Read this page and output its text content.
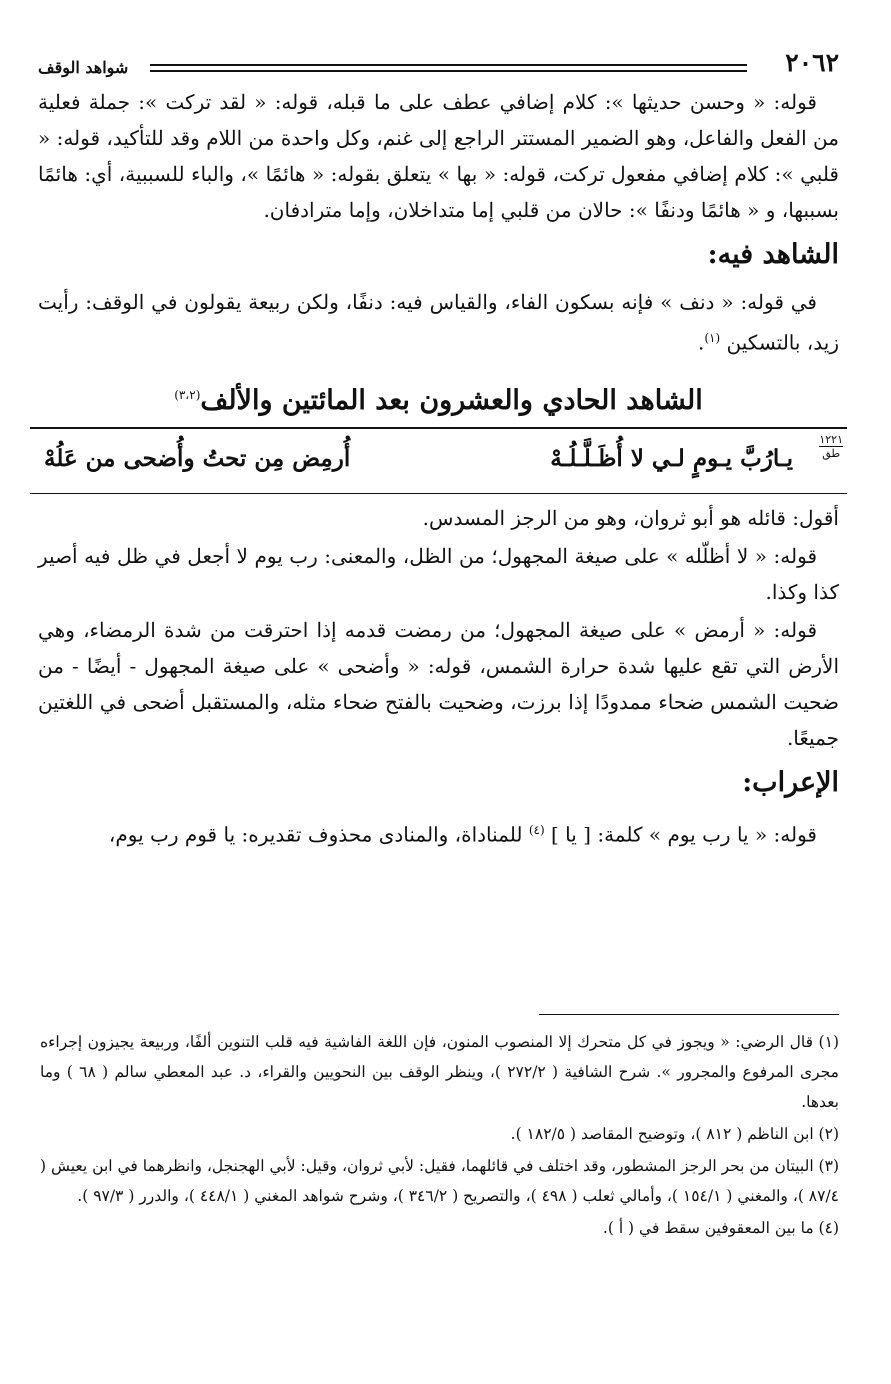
٢٠٦٢
شواهد الوقف

قوله: « وحسن حديثها »: كلام إضافي عطف على ما قبله، قوله: « لقد تركت »: جملة فعلية من الفعل والفاعل، وهو الضمير المستتر الراجع إلى غنم، وكل واحدة من اللام وقد للتأكيد، قوله: « قلبي »: كلام إضافي مفعول تركت، قوله: « بها » يتعلق بقوله: « هائمًا »، والباء للسببية، أي: هائمًا بسببها، و « هائمًا ودنفًا »: حالان من قلبي إما متداخلان، وإما مترادفان.

الشاهد فيه:

في قوله: « دنف » فإنه بسكون الفاء، والقياس فيه: دنفًا، ولكن ربيعة يقولون في الوقف: رأيت زيد، بالتسكين $^{(١)}$.

الشاهد الحادي والعشرون بعد المائتين والألف$^{(٣،٢)}$
١٢٢١
طق
يـارُبَّ يـومٍ لـي لا أُظَـلَّـلُـهْ
أُرمِض مِن تحتُ وأُضحى من عَلُهْ

أقول: قائله هو أبو ثروان، وهو من الرجز المسدس.

قوله: « لا أظلّله » على صيغة المجهول؛ من الظل، والمعنى: رب يوم لا أجعل في ظل فيه أصير كذا وكذا.

قوله: « أرمض » على صيغة المجهول؛ من رمضت قدمه إذا احترقت من شدة الرمضاء، وهي الأرض التي تقع عليها شدة حرارة الشمس، قوله: « وأضحى » على صيغة المجهول - أيضًا - من ضحيت الشمس ضحاء ممدودًا إذا برزت، وضحيت بالفتح ضحاء مثله، والمستقبل أضحى في اللغتين جميعًا.

الإعراب:

قوله: « يا رب يوم » كلمة: [ يا ] $^{(٤)}$ للمناداة، والمنادى محذوف تقديره: يا قوم رب يوم،

(١) قال الرضي: « ويجوز في كل متحرك إلا المنصوب المنون، فإن اللغة الفاشية فيه قلب التنوين ألفًا، وربيعة يجيزون إجراءه مجرى المرفوع والمجرور ». شرح الشافية ( ٢٧٢/٢ )، وينظر الوقف بين النحويين والقراء، د. عبد المعطي سالم ( ٦٨ ) وما بعدها.

(٢) ابن الناظم ( ٨١٢ )، وتوضيح المقاصد ( ١٨٢/٥ ).

(٣) البيتان من بحر الرجز المشطور، وقد اختلف في قائلهما، فقيل: لأبي ثروان، وقيل: لأبي الهجنجل، وانظرهما في ابن يعيش ( ٨٧/٤ )، والمغني ( ١٥٤/١ )، وأمالي ثعلب ( ٤٩٨ )، والتصريح ( ٣٤٦/٢ )، وشرح شواهد المغني ( ٤٤٨/١ )، والدرر ( ٩٧/٣ ).

(٤) ما بين المعقوفين سقط في ( أ ).
